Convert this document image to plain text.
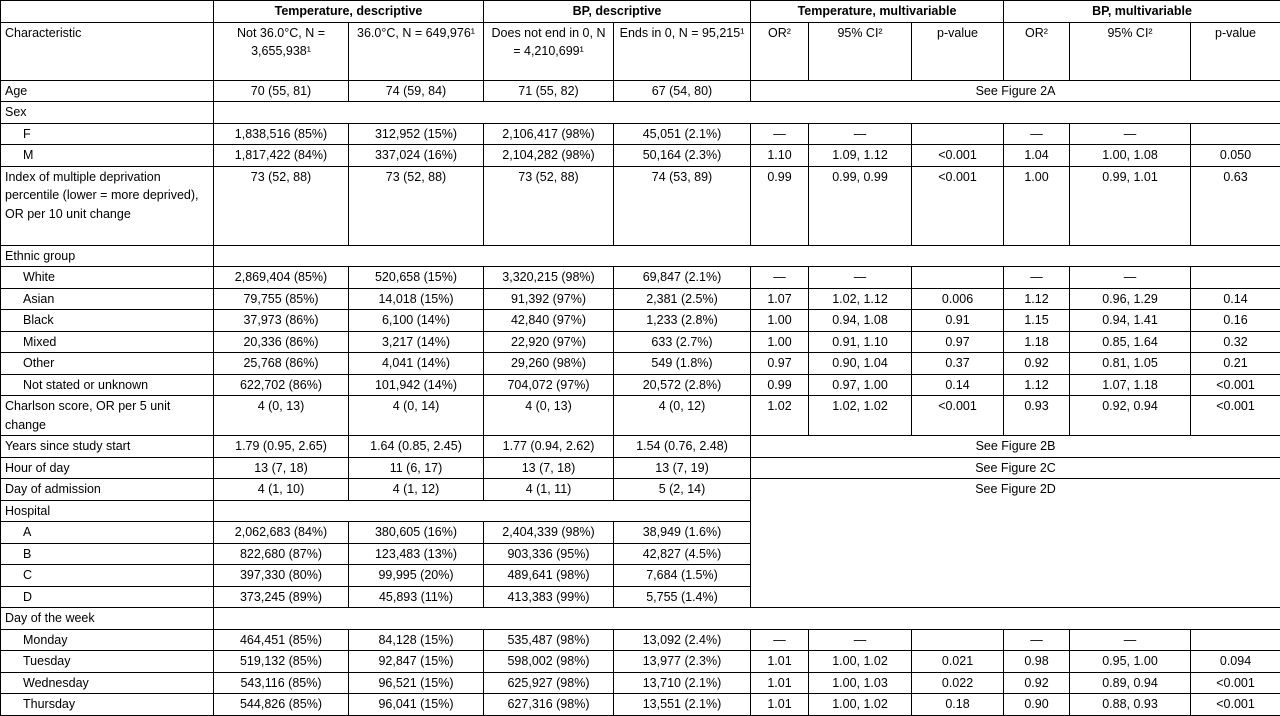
	Temperature, descriptive		BP, descriptive		Temperature, multivariable			BP, multivariable		
Characteristic	Not 36.0°C, N = 3,655,938¹	36.0°C, N = 649,976¹	Does not end in 0, N = 4,210,699¹	Ends in 0, N = 95,215¹	OR²	95% CI²	p-value	OR²	95% CI²	p-value
Age	70 (55, 81)	74 (59, 84)	71 (55, 82)	67 (54, 80)	See Figure 2A					
Sex										
F	1,838,516 (85%)	312,952 (15%)	2,106,417 (98%)	45,051 (2.1%)	—	—		—	—	
M	1,817,422 (84%)	337,024 (16%)	2,104,282 (98%)	50,164 (2.3%)	1.10	1.09, 1.12	<0.001	1.04	1.00, 1.08	0.050
Index of multiple deprivation percentile (lower = more deprived), OR per 10 unit change	73 (52, 88)	73 (52, 88)	73 (52, 88)	74 (53, 89)	0.99	0.99, 0.99	<0.001	1.00	0.99, 1.01	0.63
Ethnic group										
White	2,869,404 (85%)	520,658 (15%)	3,320,215 (98%)	69,847 (2.1%)	—	—		—	—	
Asian	79,755 (85%)	14,018 (15%)	91,392 (97%)	2,381 (2.5%)	1.07	1.02, 1.12	0.006	1.12	0.96, 1.29	0.14
Black	37,973 (86%)	6,100 (14%)	42,840 (97%)	1,233 (2.8%)	1.00	0.94, 1.08	0.91	1.15	0.94, 1.41	0.16
Mixed	20,336 (86%)	3,217 (14%)	22,920 (97%)	633 (2.7%)	1.00	0.91, 1.10	0.97	1.18	0.85, 1.64	0.32
Other	25,768 (86%)	4,041 (14%)	29,260 (98%)	549 (1.8%)	0.97	0.90, 1.04	0.37	0.92	0.81, 1.05	0.21
Not stated or unknown	622,702 (86%)	101,942 (14%)	704,072 (97%)	20,572 (2.8%)	0.99	0.97, 1.00	0.14	1.12	1.07, 1.18	<0.001
Charlson score, OR per 5 unit change	4 (0, 13)	4 (0, 14)	4 (0, 13)	4 (0, 12)	1.02	1.02, 1.02	<0.001	0.93	0.92, 0.94	<0.001
Years since study start	1.79 (0.95, 2.65)	1.64 (0.85, 2.45)	1.77 (0.94, 2.62)	1.54 (0.76, 2.48)	See Figure 2B					
Hour of day	13 (7, 18)	11 (6, 17)	13 (7, 18)	13 (7, 19)	See Figure 2C					
Day of admission	4 (1, 10)	4 (1, 12)	4 (1, 11)	5 (2, 14)	See Figure 2D					
Hospital										
A	2,062,683 (84%)	380,605 (16%)	2,404,339 (98%)	38,949 (1.6%)						
B	822,680 (87%)	123,483 (13%)	903,336 (95%)	42,827 (4.5%)						
C	397,330 (80%)	99,995 (20%)	489,641 (98%)	7,684 (1.5%)						
D	373,245 (89%)	45,893 (11%)	413,383 (99%)	5,755 (1.4%)						
Day of the week										
Monday	464,451 (85%)	84,128 (15%)	535,487 (98%)	13,092 (2.4%)	—	—		—	—	
Tuesday	519,132 (85%)	92,847 (15%)	598,002 (98%)	13,977 (2.3%)	1.01	1.00, 1.02	0.021	0.98	0.95, 1.00	0.094
Wednesday	543,116 (85%)	96,521 (15%)	625,927 (98%)	13,710 (2.1%)	1.01	1.00, 1.03	0.022	0.92	0.89, 0.94	<0.001
Thursday	544,826 (85%)	96,041 (15%)	627,316 (98%)	13,551 (2.1%)	1.01	1.00, 1.02	0.18	0.90	0.88, 0.93	<0.001
